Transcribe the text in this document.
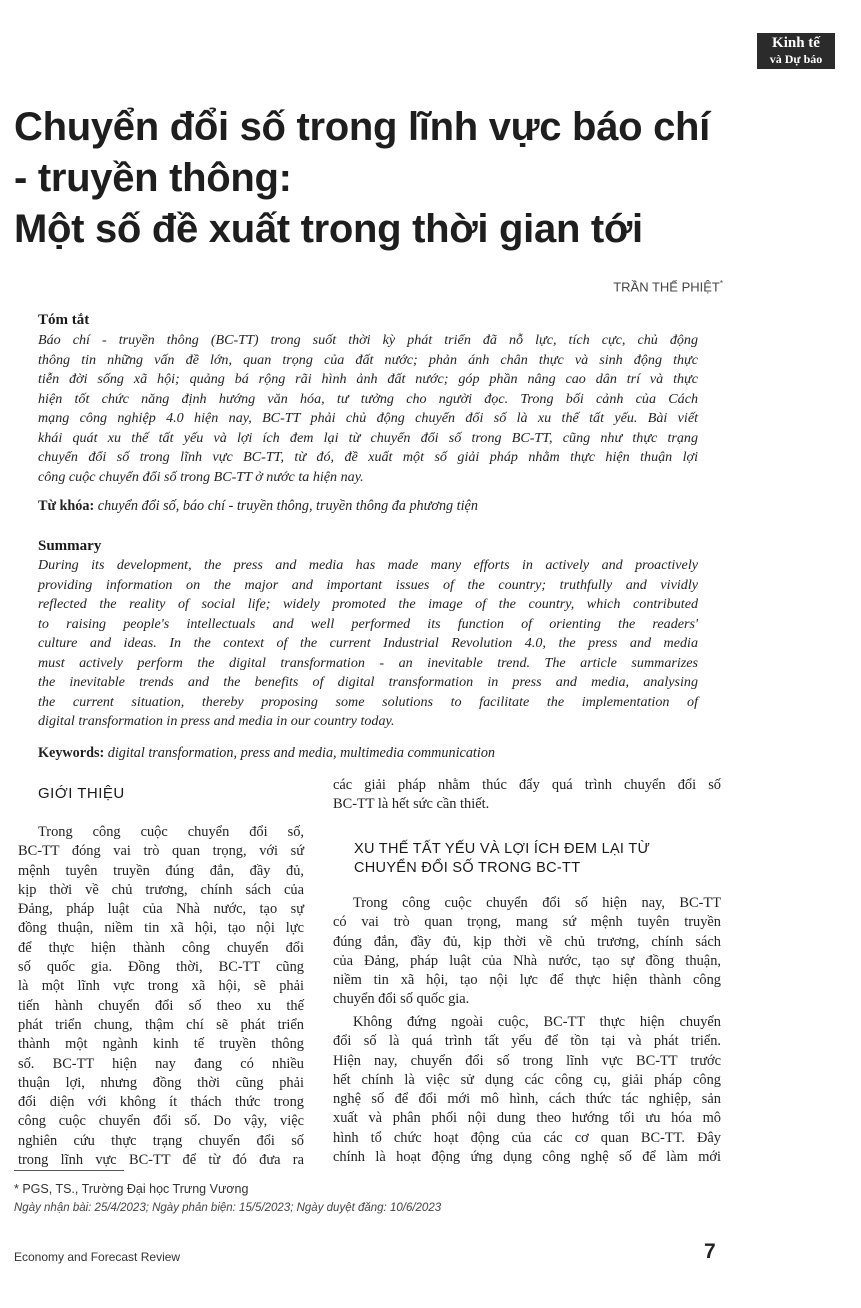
Kinh tế
và Dự báo
Chuyển đổi số trong lĩnh vực báo chí
- truyền thông:
Một số đề xuất trong thời gian tới
TRẦN THẾ PHIỆT*
Tóm tắt
Báo chí - truyền thông (BC-TT) trong suốt thời kỳ phát triển đã nỗ lực, tích cực, chủ động
thông tin những vấn đề lớn, quan trọng của đất nước; phản ánh chân thực và sinh động thực
tiễn đời sống xã hội; quảng bá rộng rãi hình ảnh đất nước; góp phần nâng cao dân trí và thực
hiện tốt chức năng định hướng văn hóa, tư tưởng cho người đọc. Trong bối cảnh của Cách
mạng công nghiệp 4.0 hiện nay, BC-TT phải chủ động chuyển đổi số là xu thế tất yếu. Bài viết
khái quát xu thế tất yếu và lợi ích đem lại từ chuyển đổi số trong BC-TT, cũng như thực trạng
chuyển đổi số trong lĩnh vực BC-TT, từ đó, đề xuất một số giải pháp nhằm thực hiện thuận lợi
công cuộc chuyển đổi số trong BC-TT ở nước ta hiện nay.
Từ khóa: chuyển đổi số, báo chí - truyền thông, truyền thông đa phương tiện
Summary
During its development, the press and media has made many efforts in actively and proactively
providing information on the major and important issues of the country; truthfully and vividly
reflected the reality of social life; widely promoted the image of the country, which contributed
to raising people's intellectuals and well performed its function of orienting the readers'
culture and ideas. In the context of the current Industrial Revolution 4.0, the press and media
must actively perform the digital transformation - an inevitable trend. The article summarizes
the inevitable trends and the benefits of digital transformation in press and media, analysing
the current situation, thereby proposing some solutions to facilitate the implementation of
digital transformation in press and media in our country today.
Keywords: digital transformation, press and media, multimedia communication
GIỚI THIỆU
Trong công cuộc chuyển đổi số,
BC-TT đóng vai trò quan trọng, với sứ
mệnh tuyên truyền đúng đắn, đầy đủ,
kịp thời về chủ trương, chính sách của
Đảng, pháp luật của Nhà nước, tạo sự
đồng thuận, niềm tin xã hội, tạo nội lực
để thực hiện thành công chuyển đổi
số quốc gia. Đồng thời, BC-TT cũng
là một lĩnh vực trong xã hội, sẽ phải
tiến hành chuyển đổi số theo xu thế
phát triển chung, thậm chí sẽ phát triển
thành một ngành kinh tế truyền thông
số. BC-TT hiện nay đang có nhiều
thuận lợi, nhưng đồng thời cũng phải
đối diện với không ít thách thức trong
công cuộc chuyển đổi số. Do vậy, việc
nghiên cứu thực trạng chuyển đổi số
trong lĩnh vực BC-TT để từ đó đưa ra
các giải pháp nhằm thúc đẩy quá trình chuyển đổi số
BC-TT là hết sức cần thiết.
XU THẾ TẤT YẾU VÀ LỢI ÍCH ĐEM LẠI TỪ
CHUYỂN ĐỔI SỐ TRONG BC-TT
Trong công cuộc chuyển đổi số hiện nay, BC-TT
có vai trò quan trọng, mang sứ mệnh tuyên truyền
đúng đắn, đầy đủ, kịp thời về chủ trương, chính sách
của Đảng, pháp luật của Nhà nước, tạo sự đồng thuận,
niềm tin xã hội, tạo nội lực để thực hiện thành công
chuyển đổi số quốc gia.
Không đứng ngoài cuộc, BC-TT thực hiện chuyển
đổi số là quá trình tất yếu để tồn tại và phát triển.
Hiện nay, chuyển đổi số trong lĩnh vực BC-TT trước
hết chính là việc sử dụng các công cụ, giải pháp công
nghệ số để đổi mới mô hình, cách thức tác nghiệp, sản
xuất và phân phối nội dung theo hướng tối ưu hóa mô
hình tổ chức hoạt động của các cơ quan BC-TT. Đây
chính là hoạt động ứng dụng công nghệ số để làm mới
* PGS, TS., Trường Đại học Trưng Vương
Ngày nhận bài: 25/4/2023; Ngày phản biện: 15/5/2023; Ngày duyệt đăng: 10/6/2023
Economy and Forecast Review	7
